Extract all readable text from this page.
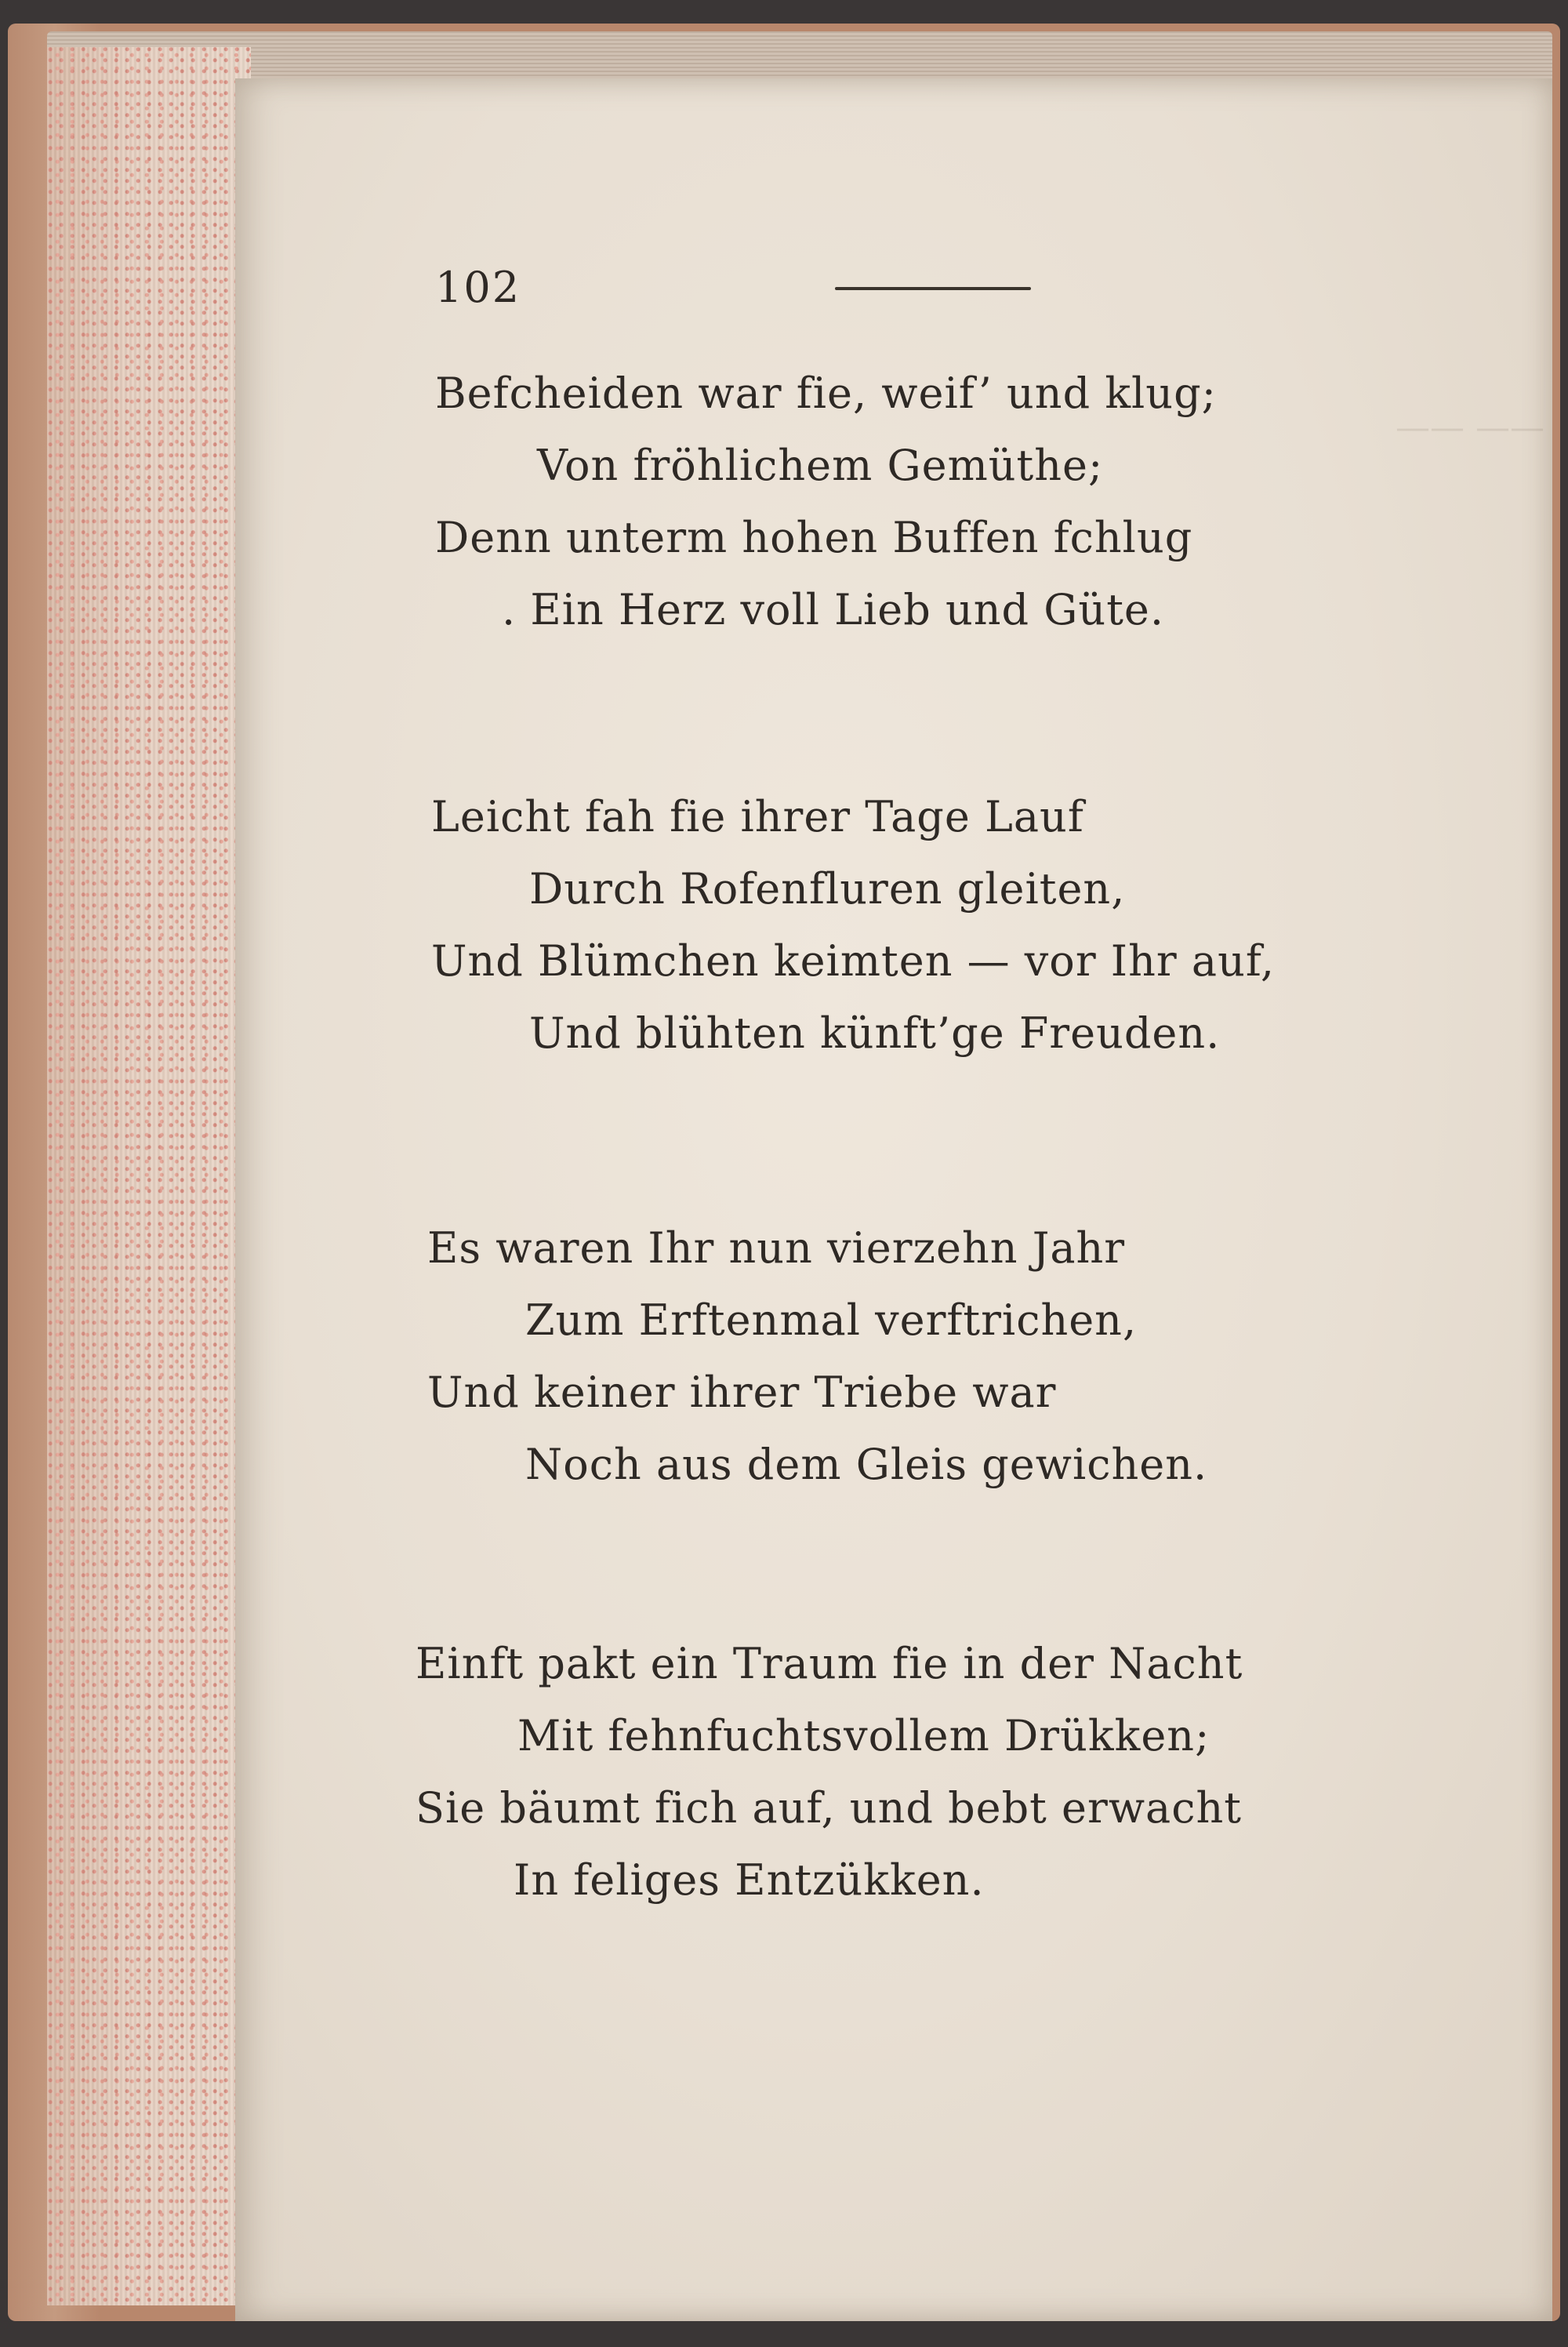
—— ——
102
Befcheiden war fie, weif’ und klug;
Von fröhlichem Gemüthe;
Denn unterm hohen Buffen fchlug
. Ein Herz voll Lieb und Güte.
Leicht fah fie ihrer Tage Lauf
Durch Rofenfluren gleiten,
Und Blümchen keimten — vor Ihr auf,
Und blühten künft’ge Freuden.
Es waren Ihr nun vierzehn Jahr
Zum Erftenmal verftrichen,
Und keiner ihrer Triebe war
Noch aus dem Gleis gewichen.
Einft pakt ein Traum fie in der Nacht
Mit fehnfuchtsvollem Drükken;
Sie bäumt fich auf, und bebt erwacht
In feliges Entzükken.
